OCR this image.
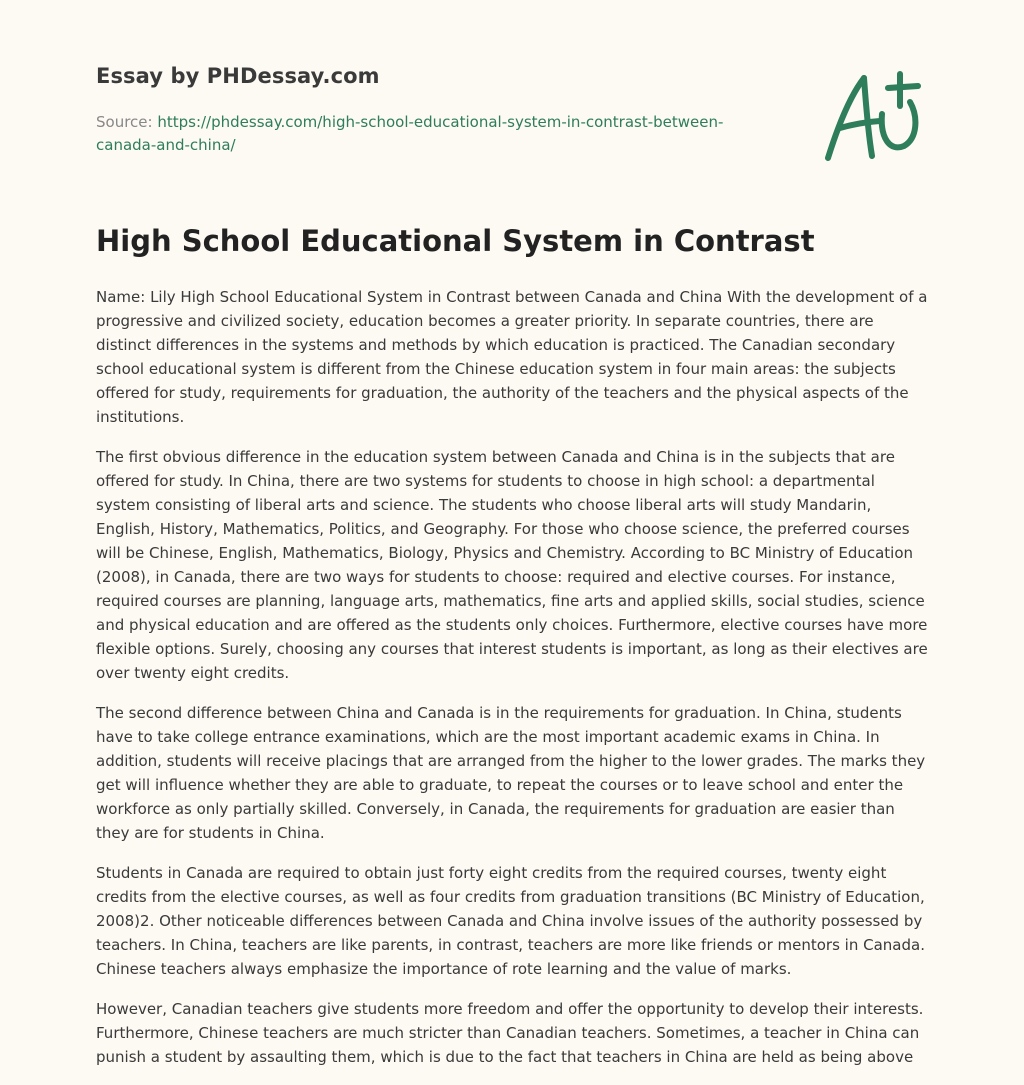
Essay by PHDessay.com
Source: https://phdessay.com/high-school-educational-system-in-contrast-between-canada-and-china/
High School Educational System in Contrast

Name: Lily High School Educational System in Contrast between Canada and China With the development of a progressive and civilized society, education becomes a greater priority. In separate countries, there are distinct differences in the systems and methods by which education is practiced. The Canadian secondary school educational system is different from the Chinese education system in four main areas: the subjects offered for study, requirements for graduation, the authority of the teachers and the physical aspects of the institutions.

The first obvious difference in the education system between Canada and China is in the subjects that are offered for study. In China, there are two systems for students to choose in high school: a departmental system consisting of liberal arts and science. The students who choose liberal arts will study Mandarin, English, History, Mathematics, Politics, and Geography. For those who choose science, the preferred courses will be Chinese, English, Mathematics, Biology, Physics and Chemistry. According to BC Ministry of Education (2008), in Canada, there are two ways for students to choose: required and elective courses. For instance, required courses are planning, language arts, mathematics, fine arts and applied skills, social studies, science and physical education and are offered as the students only choices. Furthermore, elective courses have more flexible options. Surely, choosing any courses that interest students is important, as long as their electives are over twenty eight credits.

The second difference between China and Canada is in the requirements for graduation. In China, students have to take college entrance examinations, which are the most important academic exams in China. In addition, students will receive placings that are arranged from the higher to the lower grades. The marks they get will influence whether they are able to graduate, to repeat the courses or to leave school and enter the workforce as only partially skilled. Conversely, in Canada, the requirements for graduation are easier than they are for students in China.

Students in Canada are required to obtain just forty eight credits from the required courses, twenty eight credits from the elective courses, as well as four credits from graduation transitions (BC Ministry of Education, 2008)2. Other noticeable differences between Canada and China involve issues of the authority possessed by teachers. In China, teachers are like parents, in contrast, teachers are more like friends or mentors in Canada. Chinese teachers always emphasize the importance of rote learning and the value of marks.

However, Canadian teachers give students more freedom and offer the opportunity to develop their interests. Furthermore, Chinese teachers are much stricter than Canadian teachers. Sometimes, a teacher in China can punish a student by assaulting them, which is due to the fact that teachers in China are held as being above
